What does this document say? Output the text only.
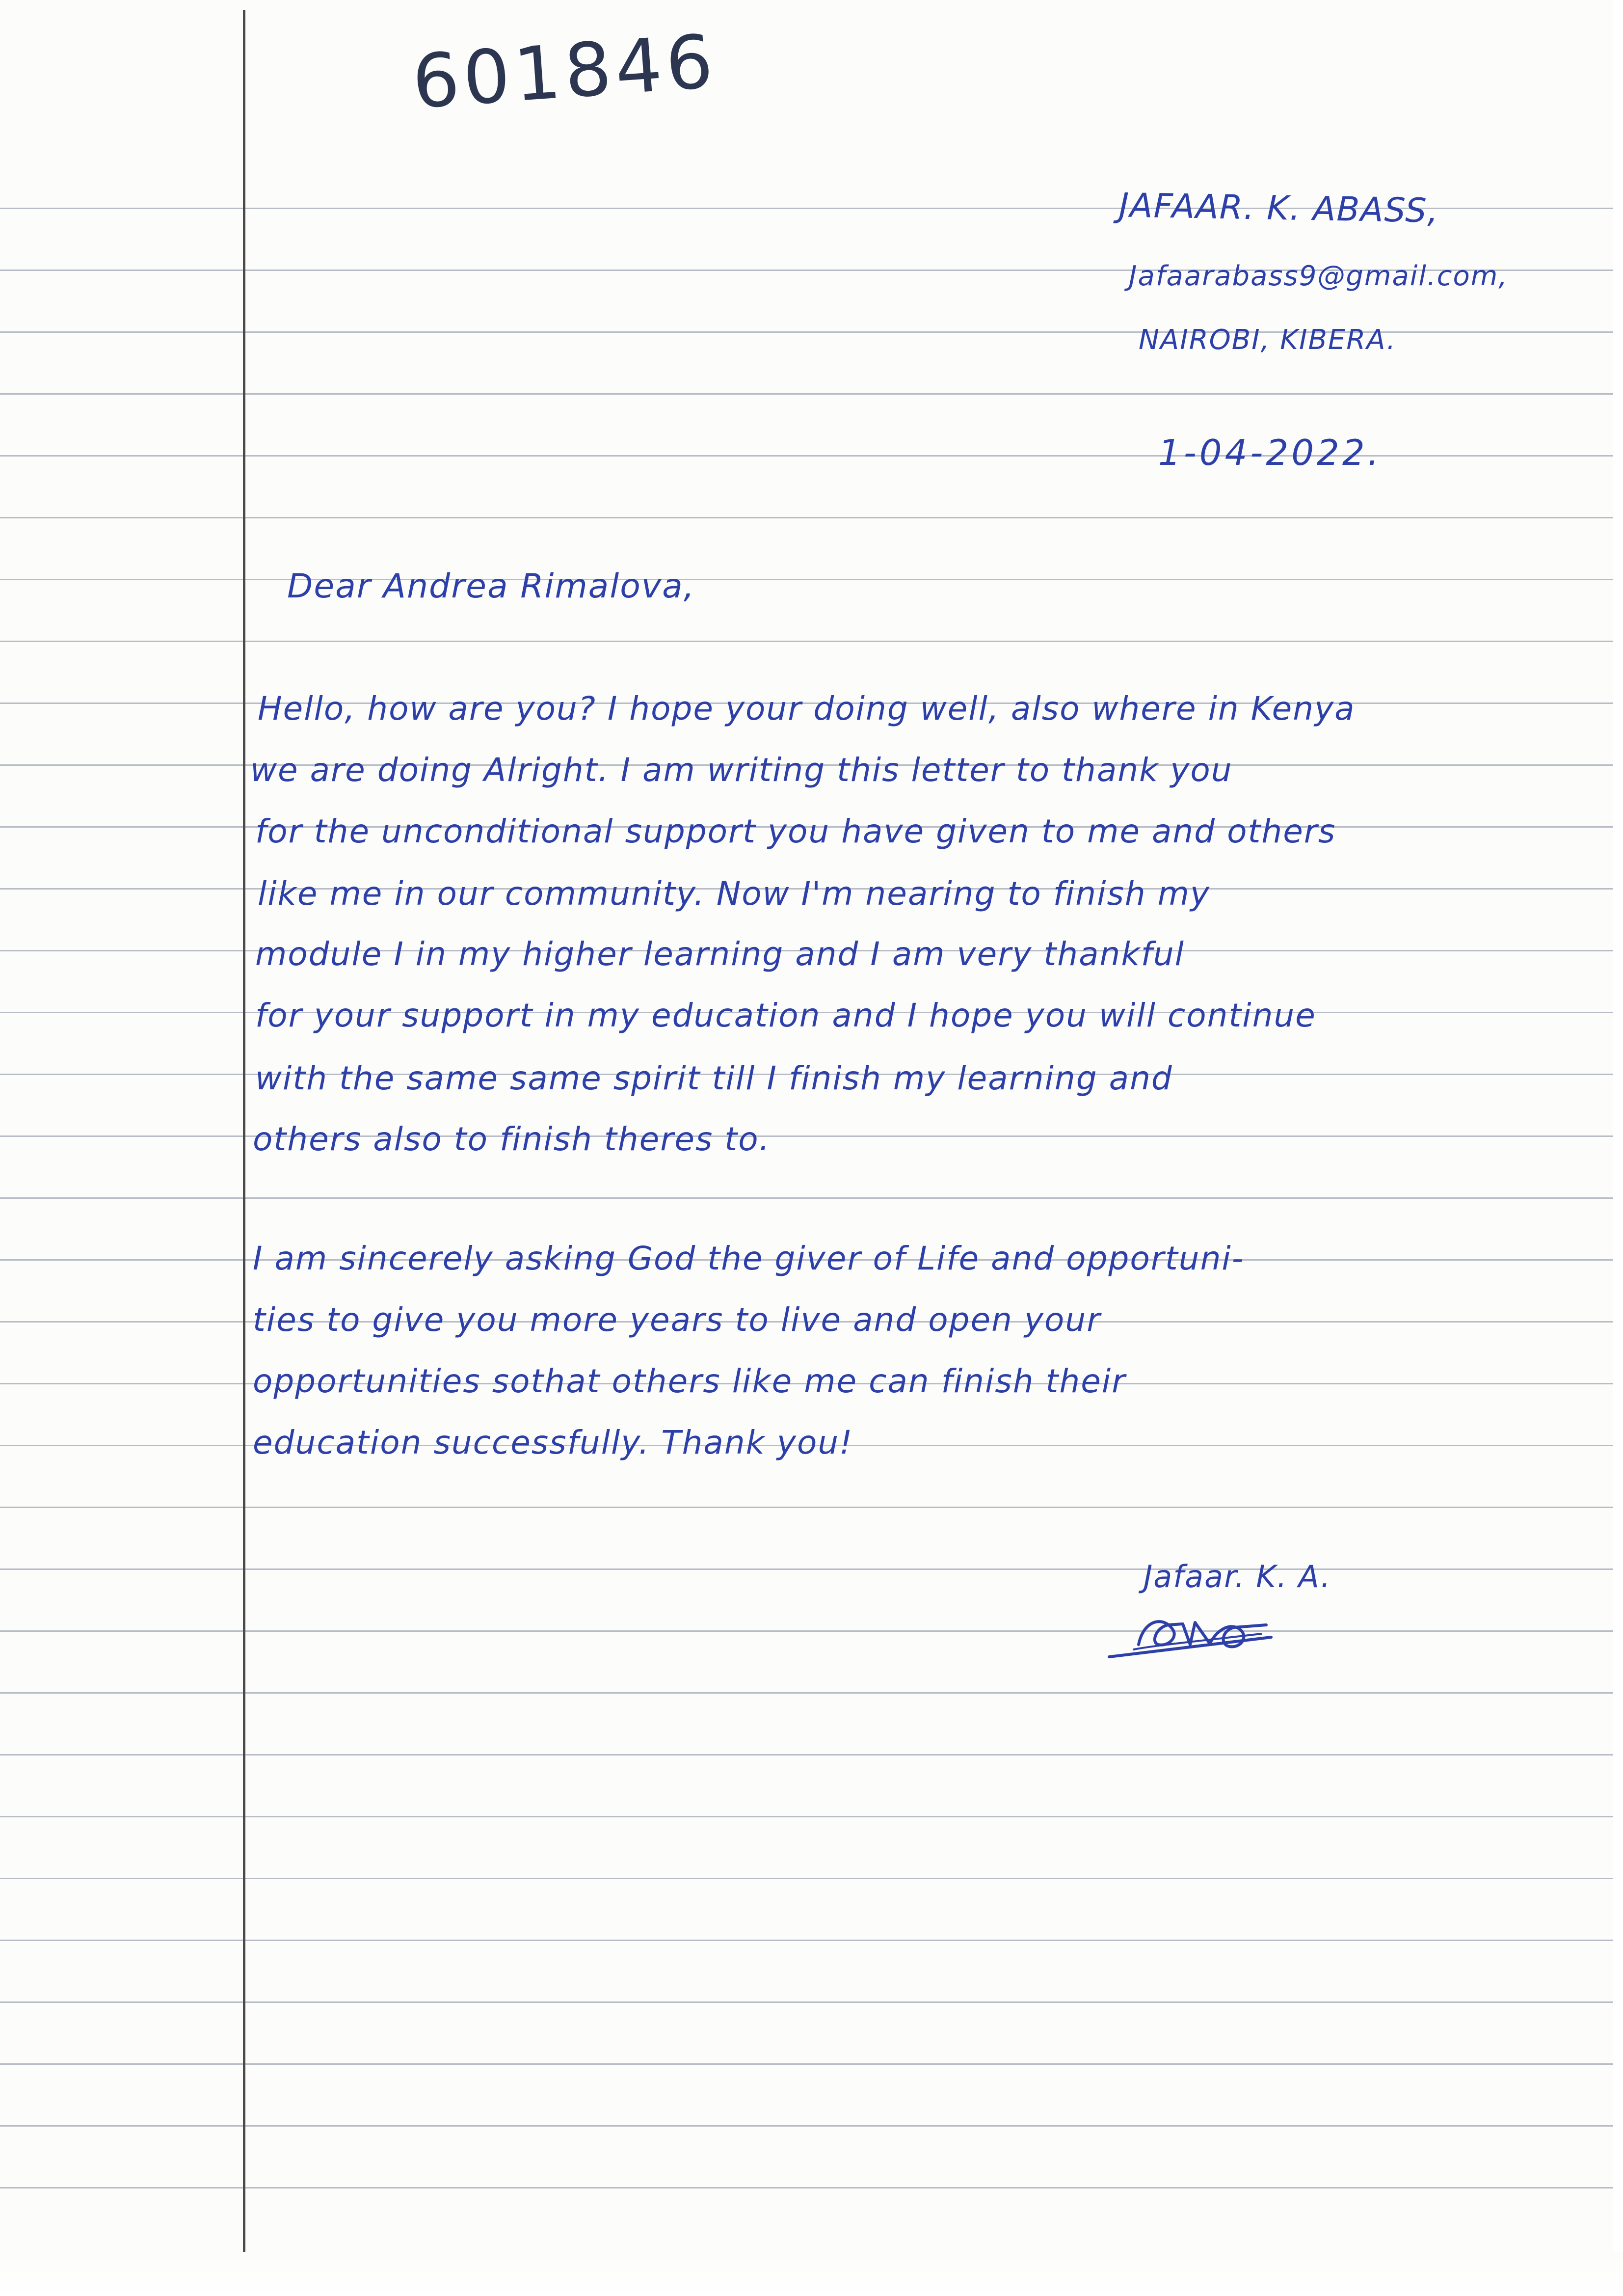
601846
JAFAAR. K. ABASS,
Jafaarabass9@gmail.com,
NAIROBI, KIBERA.
1-04-2022.
Dear Andrea Rimalova,
Hello, how are you? I hope your doing well, also where in Kenya
we are doing Alright. I am writing this letter to thank you
for the unconditional support you have given to me and others
like me in our community. Now I'm nearing to finish my
module I in my higher learning and I am very thankful
for your support in my education and I hope you will continue
with the same same spirit till I finish my learning and
others also to finish theres to.
I am sincerely asking God the giver of Life and opportuni-
ties to give you more years to live and open your
opportunities sothat others like me can finish their
education successfully. Thank you!
Jafaar. K. A.
